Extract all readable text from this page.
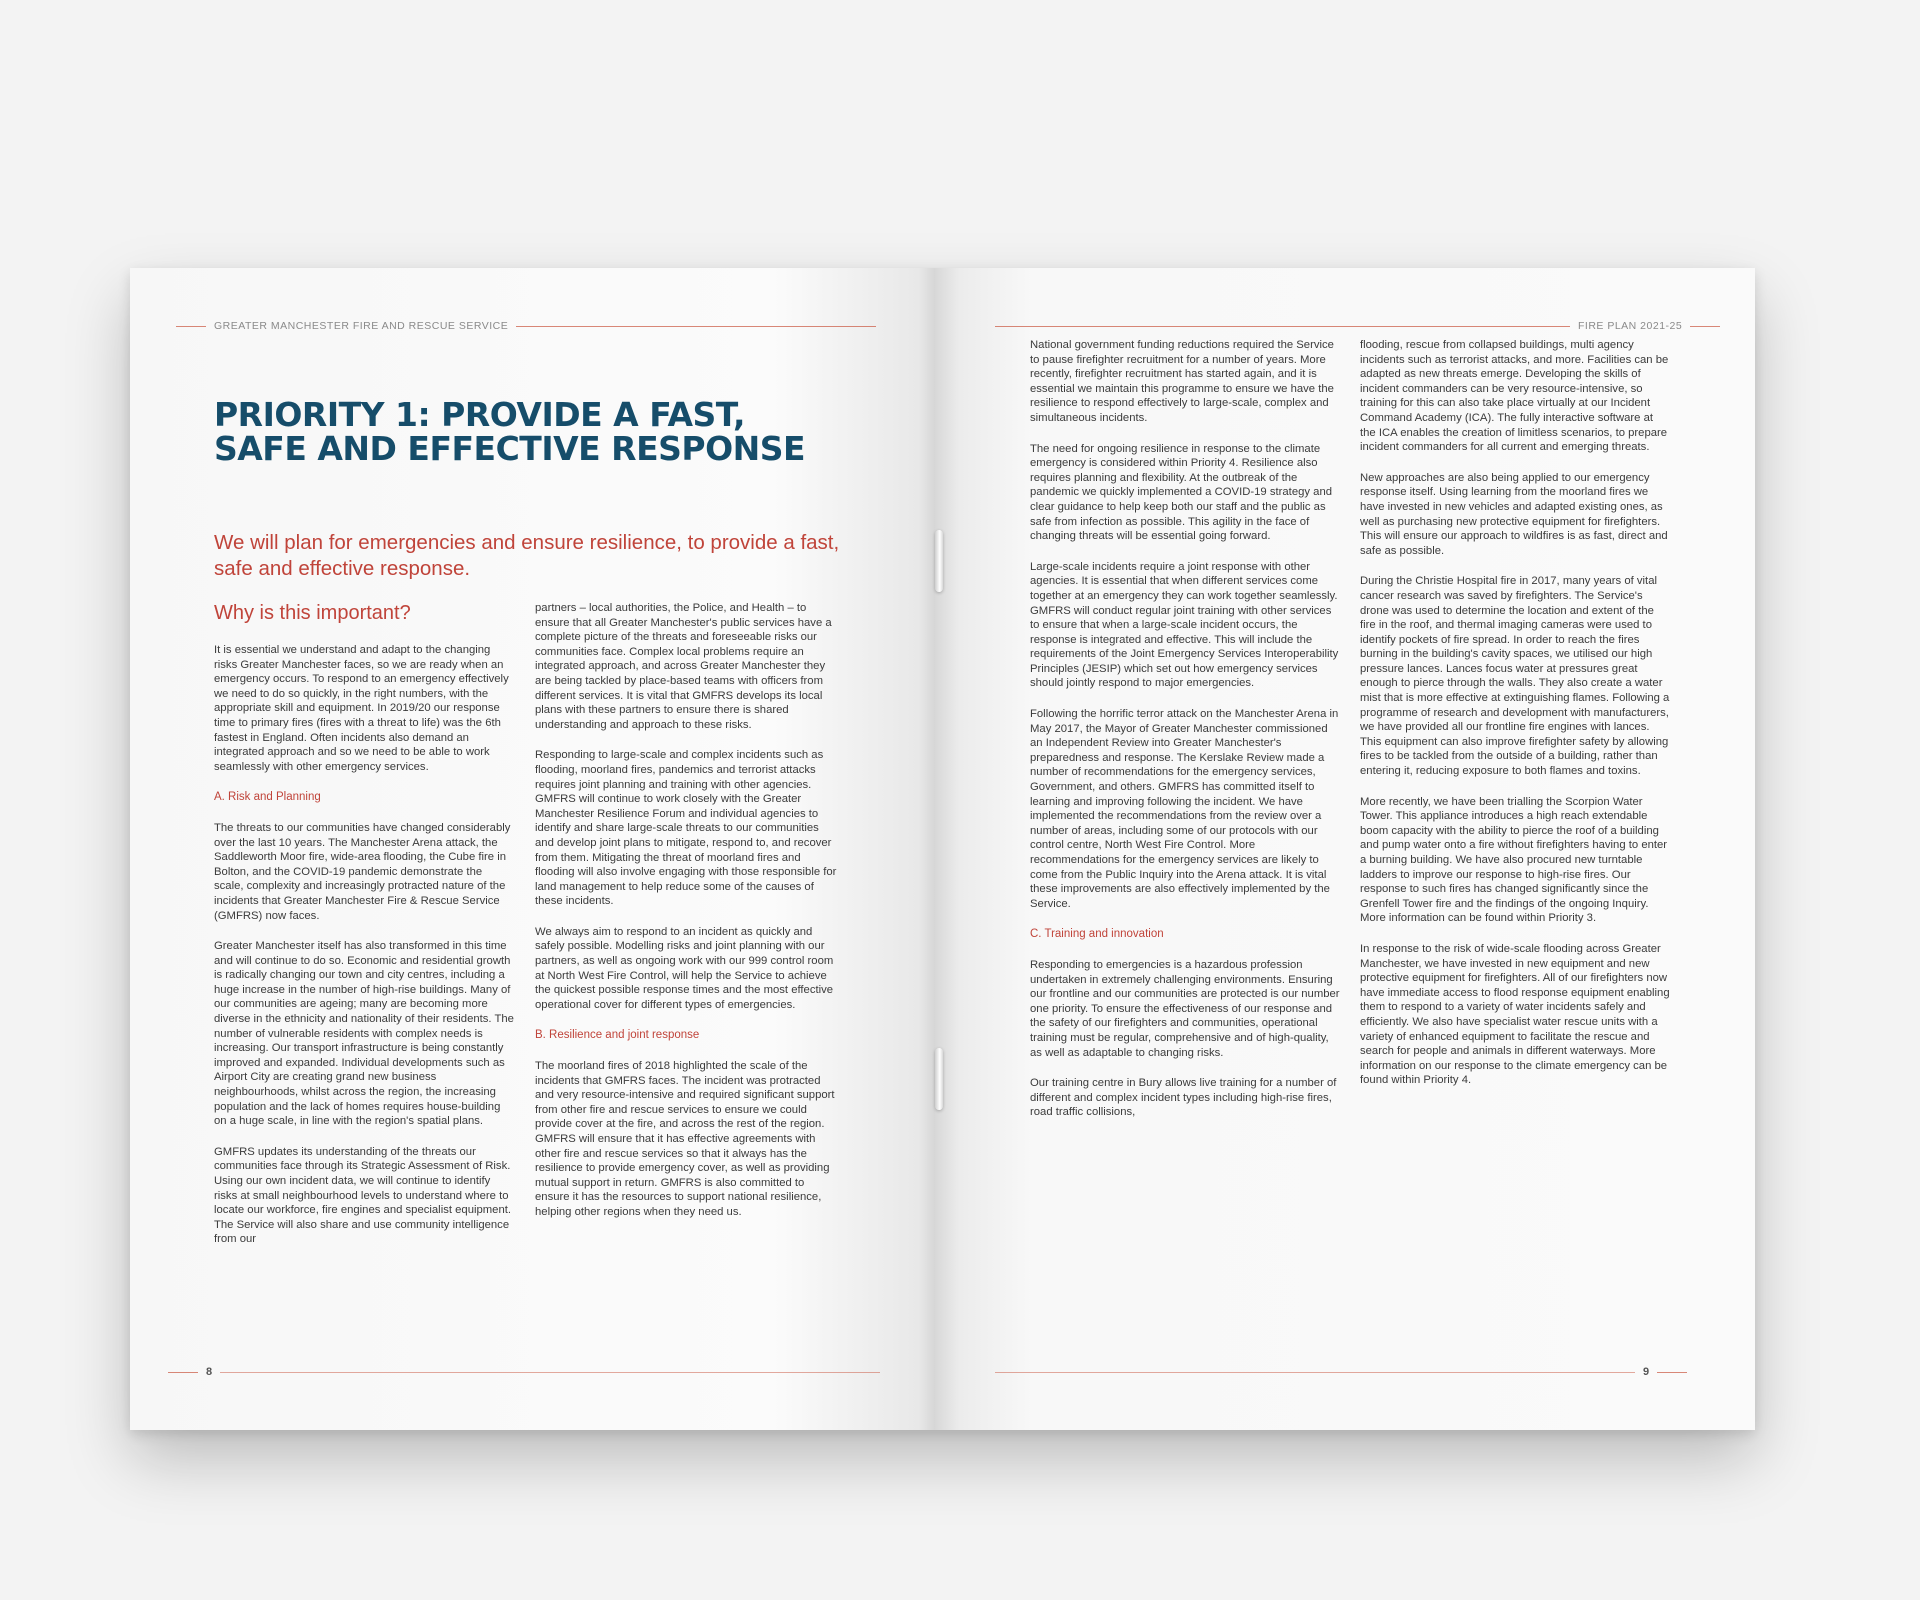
GREATER MANCHESTER FIRE AND RESCUE SERVICE
PRIORITY 1: PROVIDE A FAST,
SAFE AND EFFECTIVE RESPONSE
We will plan for emergencies and ensure resilience, to provide a fast, safe and effective response.
Why is this important?

It is essential we understand and adapt to the changing risks Greater Manchester faces, so we are ready when an emergency occurs. To respond to an emergency effectively we need to do so quickly, in the right numbers, with the appropriate skill and equipment. In 2019/20 our response time to primary fires (fires with a threat to life) was the 6th fastest in England. Often incidents also demand an integrated approach and so we need to be able to work seamlessly with other emergency services.

A. Risk and Planning

The threats to our communities have changed considerably over the last 10 years. The Manchester Arena attack, the Saddleworth Moor fire, wide-area flooding, the Cube fire in Bolton, and the COVID-19 pandemic demonstrate the scale, complexity and increasingly protracted nature of the incidents that Greater Manchester Fire & Rescue Service (GMFRS) now faces.

Greater Manchester itself has also transformed in this time and will continue to do so. Economic and residential growth is radically changing our town and city centres, including a huge increase in the number of high-rise buildings. Many of our communities are ageing; many are becoming more diverse in the ethnicity and nationality of their residents. The number of vulnerable residents with complex needs is increasing. Our transport infrastructure is being constantly improved and expanded. Individual developments such as Airport City are creating grand new business neighbourhoods, whilst across the region, the increasing population and the lack of homes requires house-building on a huge scale, in line with the region's spatial plans.

GMFRS updates its understanding of the threats our communities face through its Strategic Assessment of Risk. Using our own incident data, we will continue to identify risks at small neighbourhood levels to understand where to locate our workforce, fire engines and specialist equipment. The Service will also share and use community intelligence from our

partners – local authorities, the Police, and Health – to ensure that all Greater Manchester's public services have a complete picture of the threats and foreseeable risks our communities face. Complex local problems require an integrated approach, and across Greater Manchester they are being tackled by place-based teams with officers from different services. It is vital that GMFRS develops its local plans with these partners to ensure there is shared understanding and approach to these risks.

Responding to large-scale and complex incidents such as flooding, moorland fires, pandemics and terrorist attacks requires joint planning and training with other agencies. GMFRS will continue to work closely with the Greater Manchester Resilience Forum and individual agencies to identify and share large-scale threats to our communities and develop joint plans to mitigate, respond to, and recover from them. Mitigating the threat of moorland fires and flooding will also involve engaging with those responsible for land management to help reduce some of the causes of these incidents.

We always aim to respond to an incident as quickly and safely possible. Modelling risks and joint planning with our partners, as well as ongoing work with our 999 control room at North West Fire Control, will help the Service to achieve the quickest possible response times and the most effective operational cover for different types of emergencies.

B. Resilience and joint response

The moorland fires of 2018 highlighted the scale of the incidents that GMFRS faces. The incident was protracted and very resource-intensive and required significant support from other fire and rescue services to ensure we could provide cover at the fire, and across the rest of the region. GMFRS will ensure that it has effective agreements with other fire and rescue services so that it always has the resilience to provide emergency cover, as well as providing mutual support in return. GMFRS is also committed to ensure it has the resources to support national resilience, helping other regions when they need us.

8
FIRE PLAN 2021-25

National government funding reductions required the Service to pause firefighter recruitment for a number of years. More recently, firefighter recruitment has started again, and it is essential we maintain this programme to ensure we have the resilience to respond effectively to large-scale, complex and simultaneous incidents.

The need for ongoing resilience in response to the climate emergency is considered within Priority 4. Resilience also requires planning and flexibility. At the outbreak of the pandemic we quickly implemented a COVID-19 strategy and clear guidance to help keep both our staff and the public as safe from infection as possible. This agility in the face of changing threats will be essential going forward.

Large-scale incidents require a joint response with other agencies. It is essential that when different services come together at an emergency they can work together seamlessly. GMFRS will conduct regular joint training with other services to ensure that when a large-scale incident occurs, the response is integrated and effective. This will include the requirements of the Joint Emergency Services Interoperability Principles (JESIP) which set out how emergency services should jointly respond to major emergencies.

Following the horrific terror attack on the Manchester Arena in May 2017, the Mayor of Greater Manchester commissioned an Independent Review into Greater Manchester's preparedness and response. The Kerslake Review made a number of recommendations for the emergency services, Government, and others. GMFRS has committed itself to learning and improving following the incident. We have implemented the recommendations from the review over a number of areas, including some of our protocols with our control centre, North West Fire Control. More recommendations for the emergency services are likely to come from the Public Inquiry into the Arena attack. It is vital these improvements are also effectively implemented by the Service.

C. Training and innovation

Responding to emergencies is a hazardous profession undertaken in extremely challenging environments. Ensuring our frontline and our communities are protected is our number one priority. To ensure the effectiveness of our response and the safety of our firefighters and communities, operational training must be regular, comprehensive and of high-quality, as well as adaptable to changing risks.

Our training centre in Bury allows live training for a number of different and complex incident types including high-rise fires, road traffic collisions,

flooding, rescue from collapsed buildings, multi agency incidents such as terrorist attacks, and more. Facilities can be adapted as new threats emerge. Developing the skills of incident commanders can be very resource-intensive, so training for this can also take place virtually at our Incident Command Academy (ICA). The fully interactive software at the ICA enables the creation of limitless scenarios, to prepare incident commanders for all current and emerging threats.

New approaches are also being applied to our emergency response itself. Using learning from the moorland fires we have invested in new vehicles and adapted existing ones, as well as purchasing new protective equipment for firefighters. This will ensure our approach to wildfires is as fast, direct and safe as possible.

During the Christie Hospital fire in 2017, many years of vital cancer research was saved by firefighters. The Service's drone was used to determine the location and extent of the fire in the roof, and thermal imaging cameras were used to identify pockets of fire spread. In order to reach the fires burning in the building's cavity spaces, we utilised our high pressure lances. Lances focus water at pressures great enough to pierce through the walls. They also create a water mist that is more effective at extinguishing flames. Following a programme of research and development with manufacturers, we have provided all our frontline fire engines with lances. This equipment can also improve firefighter safety by allowing fires to be tackled from the outside of a building, rather than entering it, reducing exposure to both flames and toxins.

More recently, we have been trialling the Scorpion Water Tower. This appliance introduces a high reach extendable boom capacity with the ability to pierce the roof of a building and pump water onto a fire without firefighters having to enter a burning building. We have also procured new turntable ladders to improve our response to high-rise fires. Our response to such fires has changed significantly since the Grenfell Tower fire and the findings of the ongoing Inquiry. More information can be found within Priority 3.

In response to the risk of wide-scale flooding across Greater Manchester, we have invested in new equipment and new protective equipment for firefighters. All of our firefighters now have immediate access to flood response equipment enabling them to respond to a variety of water incidents safely and efficiently. We also have specialist water rescue units with a variety of enhanced equipment to facilitate the rescue and search for people and animals in different waterways. More information on our response to the climate emergency can be found within Priority 4.

9
